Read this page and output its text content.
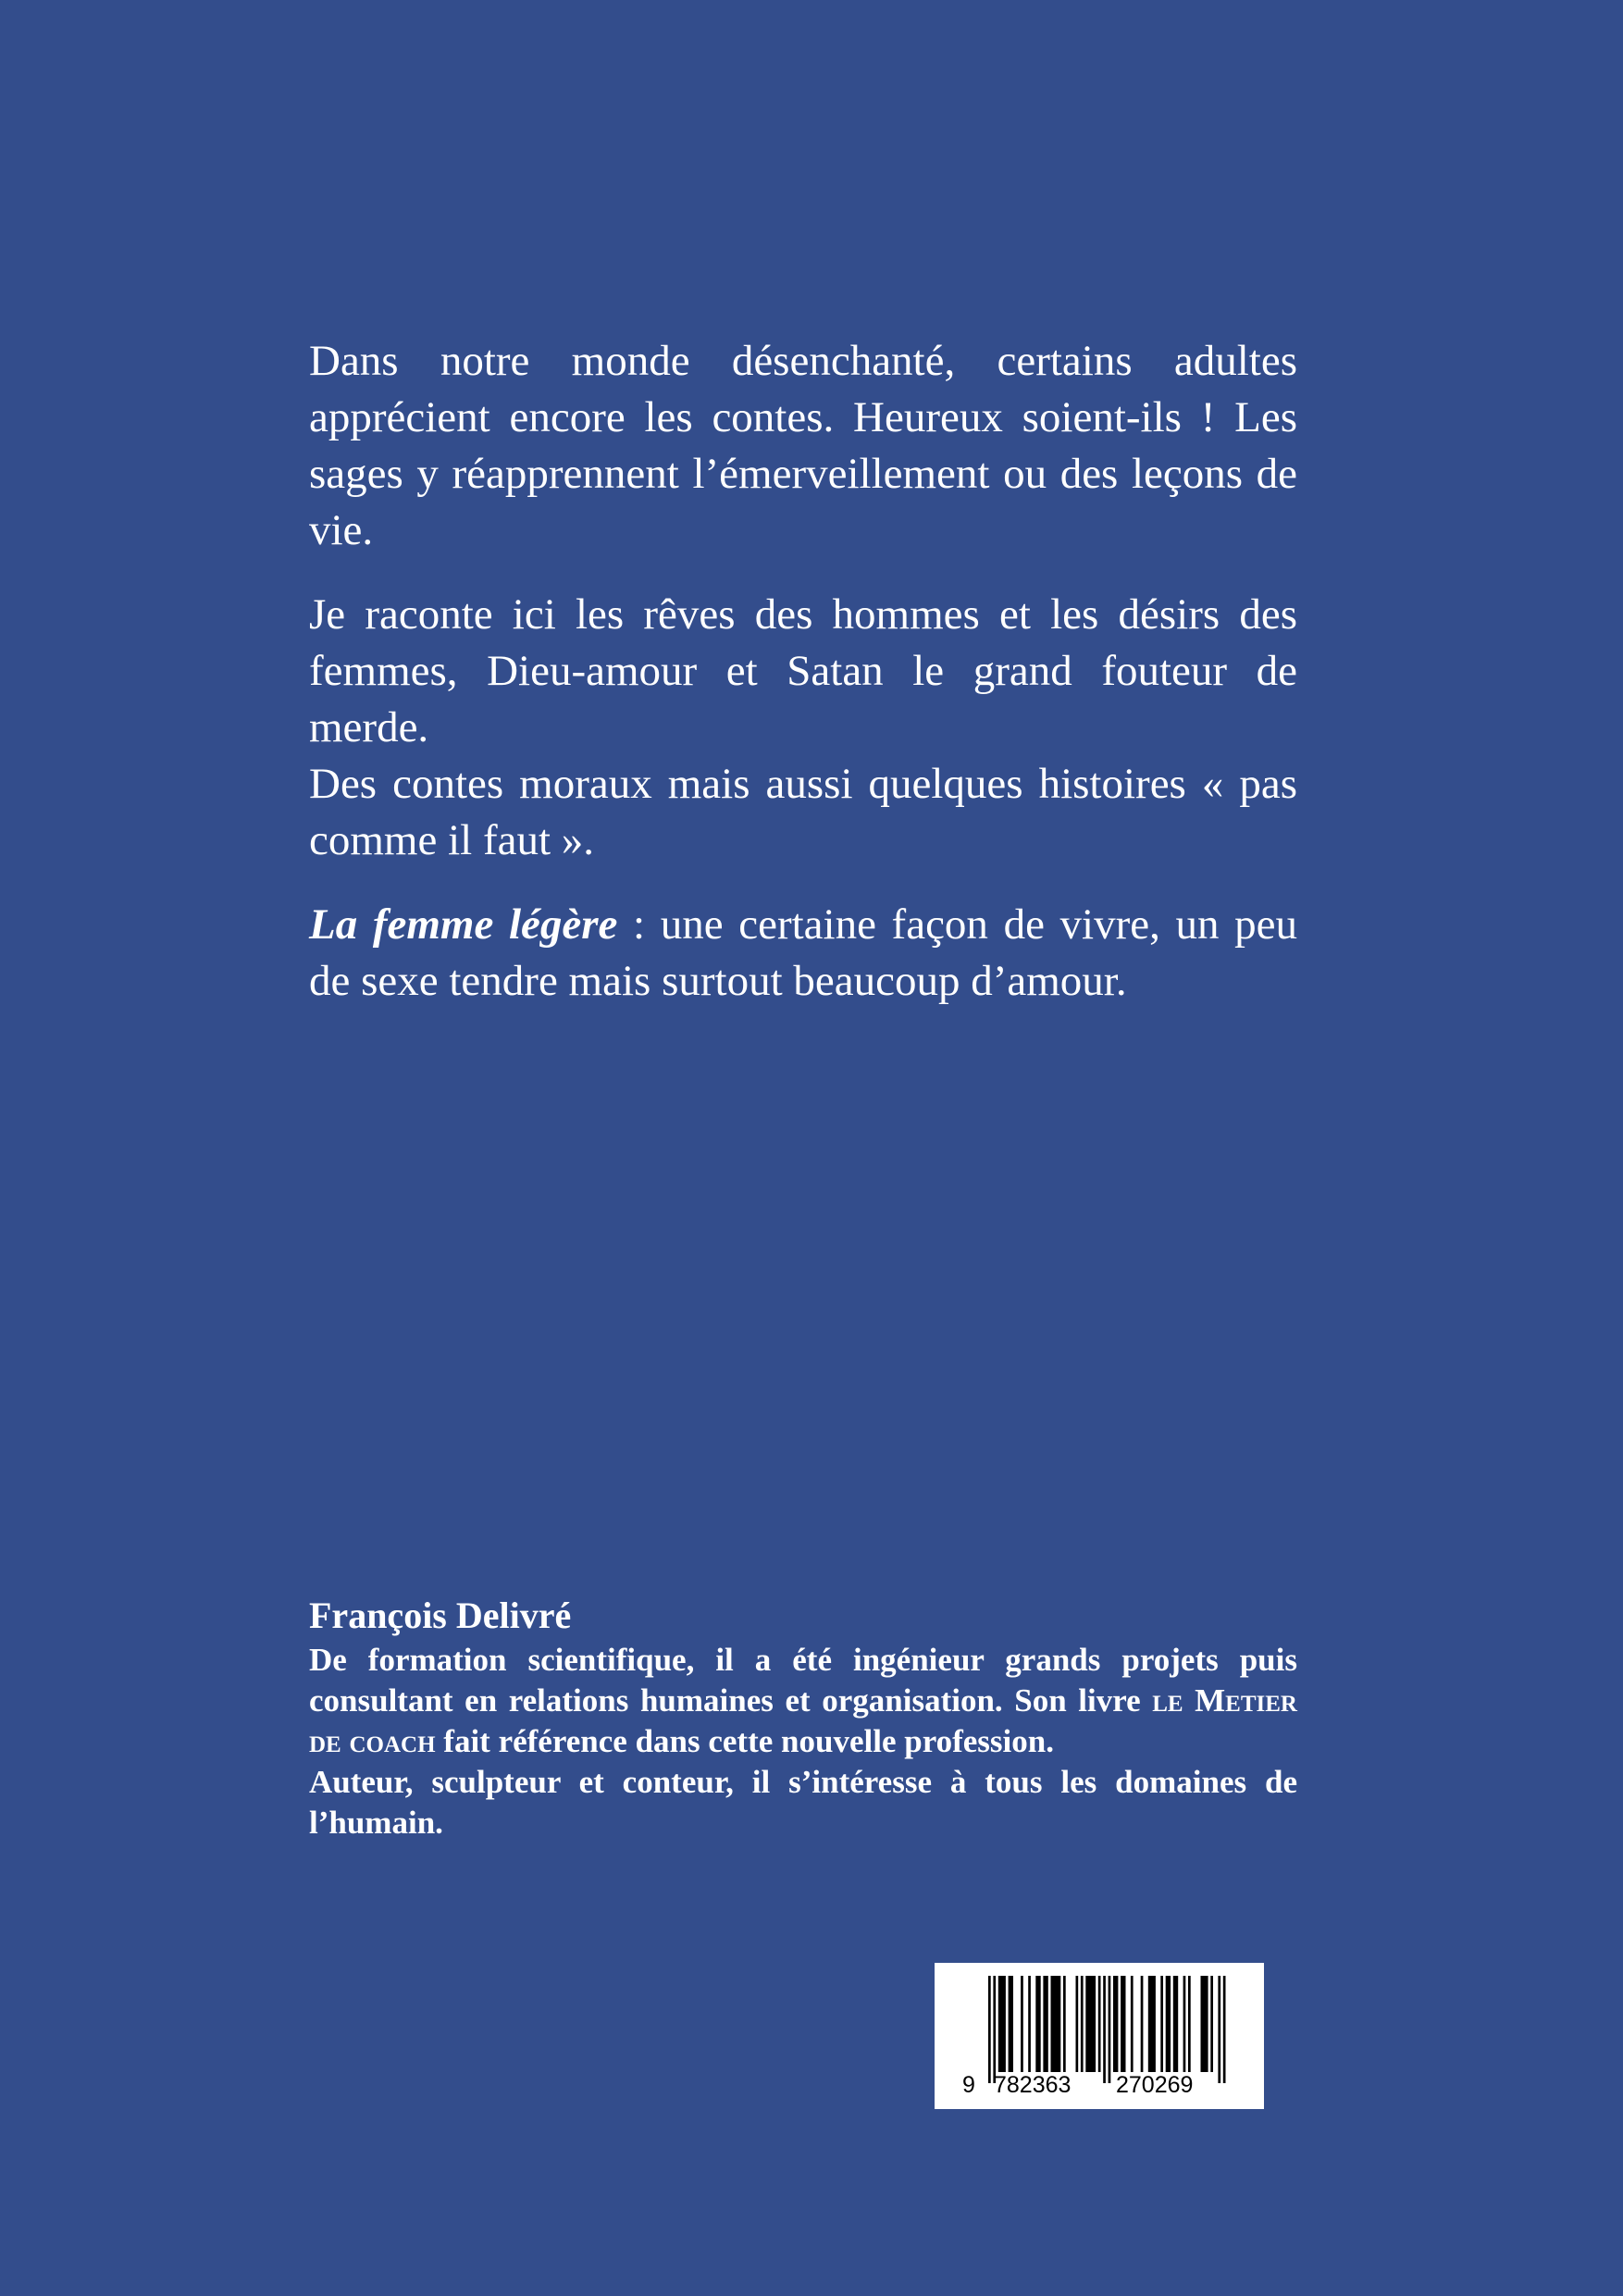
Dans notre monde désenchanté, certains adultes apprécient encore les contes. Heureux soient-ils ! Les sages y réapprennent l’émerveillement ou des leçons de vie.

Je raconte ici les rêves des hommes et les désirs des femmes, Dieu-amour et Satan le grand fouteur de merde.

Des contes moraux mais aussi quelques histoires « pas comme il faut ».

La femme légère : une certaine façon de vivre, un peu de sexe tendre mais surtout beaucoup d’amour.

François Delivré

De formation scientifique, il a été ingénieur grands projets puis consultant en relations humaines et organisation. Son livre le Metier de coach fait référence dans cette nouvelle profession.

Auteur, sculpteur et conteur, il s’intéresse à tous les domaines de l’humain.

9 782363 270269
